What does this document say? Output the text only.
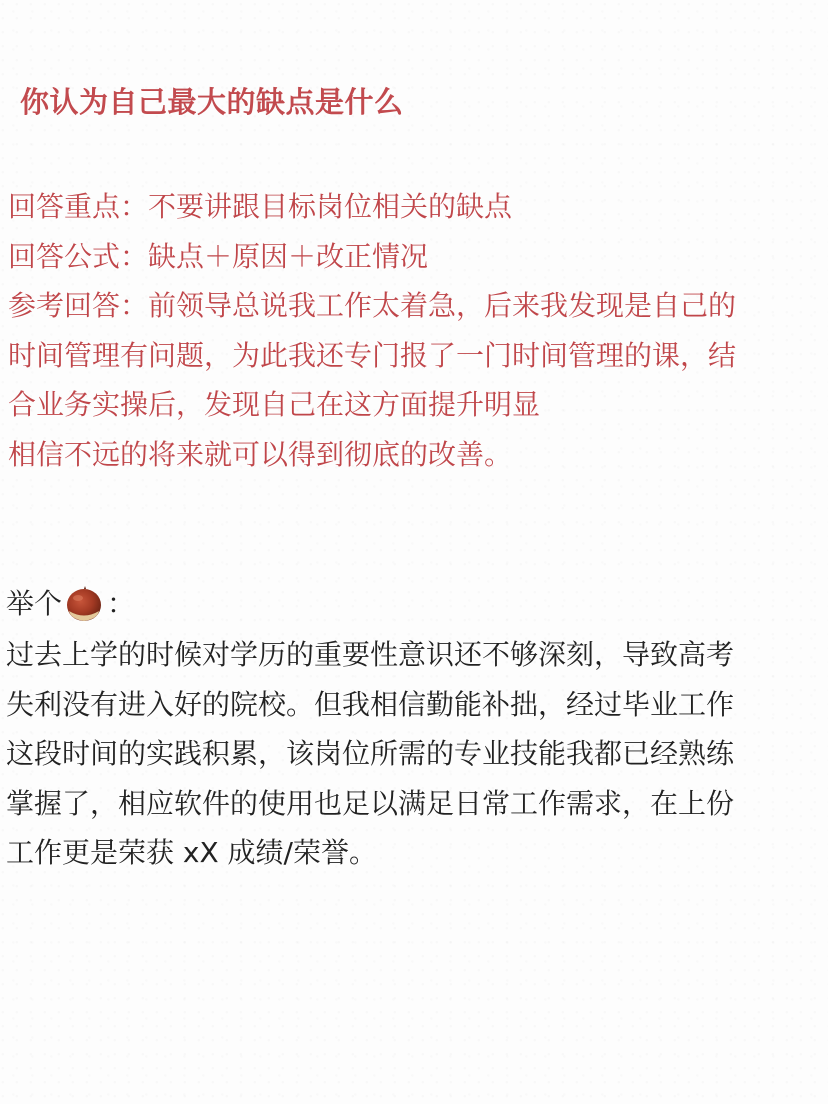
你认为自己最大的缺点是什么
回答重点：不要讲跟目标岗位相关的缺点
回答公式：缺点＋原因＋改正情况
参考回答：前领导总说我工作太着急，后来我发现是自己的
时间管理有问题，为此我还专门报了一门时间管理的课，结
合业务实操后，发现自己在这方面提升明显
相信不远的将来就可以得到彻底的改善。
举个 ：
过去上学的时候对学历的重要性意识还不够深刻，导致高考
失利没有进入好的院校。但我相信勤能补拙，经过毕业工作
这段时间的实践积累，该岗位所需的专业技能我都已经熟练
掌握了，相应软件的使用也足以满足日常工作需求，在上份
工作更是荣获 xX 成绩/荣誉。
